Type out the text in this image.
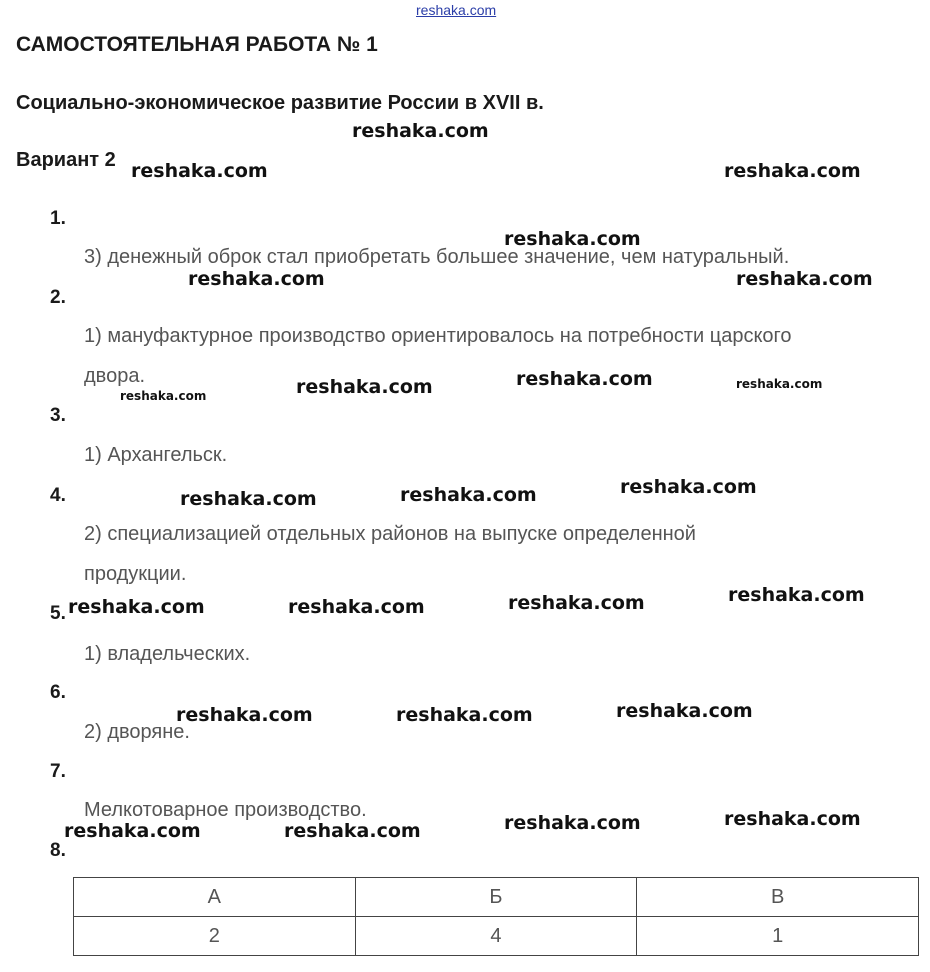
reshaka.com
САМОСТОЯТЕЛЬНАЯ РАБОТА № 1
Социально-экономическое развитие России в XVII в.
Вариант 2
1.
3) денежный оброк стал приобретать большее значение, чем натуральный.
2.
1) мануфактурное производство ориентировалось на потребности царского
двора.
3.
1) Архангельск.
4.
2) специализацией отдельных районов на выпуске определенной
продукции.
5.
1) владельческих.
6.
2) дворяне.
7.
Мелкотоварное производство.
8.
А	Б	В
2	4	1
reshaka.com
reshaka.com	reshaka.com
reshaka.com
reshaka.com	reshaka.com
reshaka.com	reshaka.com	reshaka.com	reshaka.com
reshaka.com	reshaka.com	reshaka.com
reshaka.com	reshaka.com	reshaka.com	reshaka.com
reshaka.com	reshaka.com	reshaka.com
reshaka.com	reshaka.com	reshaka.com	reshaka.com
